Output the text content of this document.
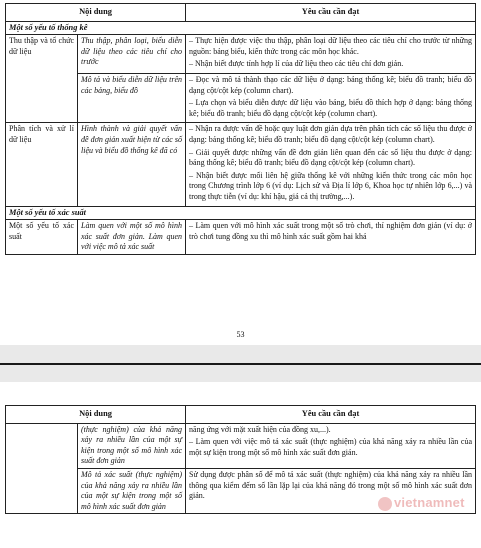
Nội dung		Yêu cầu cần đạt
Một số yếu tố thống kê		
Thu thập và tổ chức dữ liệu	Thu thập, phân loại, biểu diễn dữ liệu theo các tiêu chí cho trước	– Thực hiện được việc thu thập, phân loại dữ liệu theo các tiêu chí cho trước từ những nguồn: bảng biểu, kiến thức trong các môn học khác.

– Nhận biết được tính hợp lí của dữ liệu theo các tiêu chí đơn giản.

	Mô tả và biểu diễn dữ liệu trên các bảng, biểu đồ	– Đọc và mô tả thành thạo các dữ liệu ở dạng: bảng thống kê; biểu đồ tranh; biểu đồ dạng cột/cột kép (column chart).

– Lựa chọn và biểu diễn được dữ liệu vào bảng, biểu đồ thích hợp ở dạng: bảng thống kê; biểu đồ tranh; biểu đồ dạng cột/cột kép (column chart).

Phân tích và xử lí dữ liệu	Hình thành và giải quyết vấn đề đơn giản xuất hiện từ các số liệu và biểu đồ thống kê đã có	– Nhận ra được vấn đề hoặc quy luật đơn giản dựa trên phân tích các số liệu thu được ở dạng: bảng thống kê; biểu đồ tranh; biểu đồ dạng cột/cột kép (column chart).

– Giải quyết được những vấn đề đơn giản liên quan đến các số liệu thu được ở dạng: bảng thống kê; biểu đồ tranh; biểu đồ dạng cột/cột kép (column chart).

– Nhận biết được mối liên hệ giữa thống kê với những kiến thức trong các môn học trong Chương trình lớp 6 (ví dụ: Lịch sử và Địa lí lớp 6, Khoa học tự nhiên lớp 6,...) và trong thực tiễn (ví dụ: khí hậu, giá cả thị trường,...).

Một số yếu tố xác suất		
Một số yếu tố xác suất	Làm quen với một số mô hình xác suất đơn giản. Làm quen với việc mô tả xác suất	– Làm quen với mô hình xác suất trong một số trò chơi, thí nghiệm đơn giản (ví dụ: ở trò chơi tung đồng xu thì mô hình xác suất gồm hai khả

53
Nội dung		Yêu cầu cần đạt
	(thực nghiệm) của khả năng xảy ra nhiều lần của một sự kiện trong một số mô hình xác suất đơn giản	năng ứng với mặt xuất hiện của đồng xu,...).

– Làm quen với việc mô tả xác suất (thực nghiệm) của khả năng xảy ra nhiều lần của một sự kiện trong một số mô hình xác suất đơn giản.

	Mô tả xác suất (thực nghiệm) của khả năng xảy ra nhiều lần của một sự kiện trong một số mô hình xác suất đơn giản	Sử dụng được phân số để mô tả xác suất (thực nghiệm) của khả năng xảy ra nhiều lần thông qua kiểm đếm số lần lặp lại của khả năng đó trong một số mô hình xác suất đơn giản.	vietnamnet
